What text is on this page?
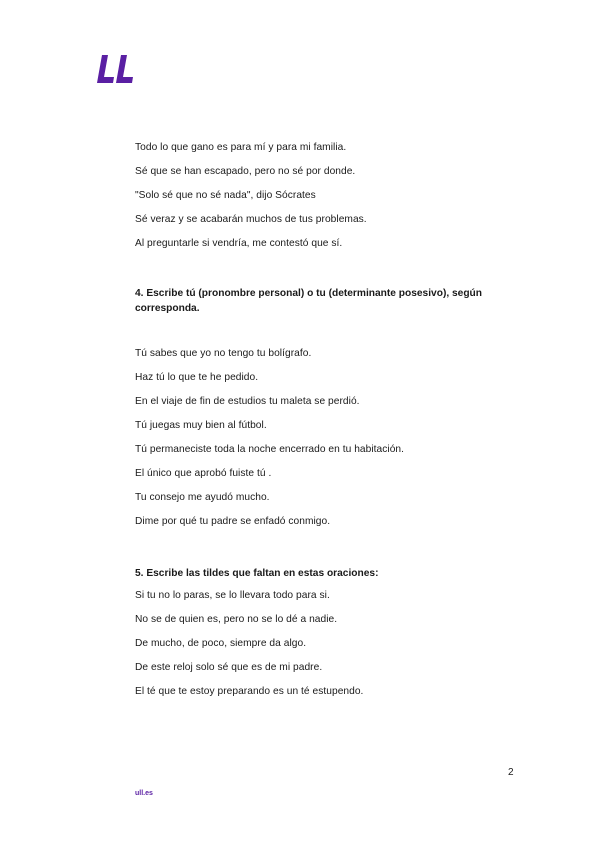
Todo lo que gano es para mí y para mi familia.
Sé que se han escapado, pero no sé por donde.
"Solo sé que no sé nada", dijo Sócrates
Sé veraz y se acabarán muchos de tus problemas.
Al preguntarle si vendría, me contestó que sí.
4. Escribe tú (pronombre personal) o tu (determinante posesivo), según corresponda.
Tú sabes que yo no tengo tu bolígrafo.
Haz tú lo que te he pedido.
En el viaje de fin de estudios tu maleta se perdió.
Tú juegas muy bien al fútbol.
Tú permaneciste toda la noche encerrado en tu habitación.
El único que aprobó fuiste tú .
Tu consejo me ayudó mucho.
Dime por qué tu padre se enfadó conmigo.
5. Escribe las tildes que faltan en estas oraciones:
Si tu no lo paras, se lo llevara todo para si.
No se de quien es, pero no se lo dé a nadie.
De mucho, de poco, siempre da algo.
De este reloj solo sé que es de mi padre.
El té que te estoy preparando es un té estupendo.
2
ull.es
